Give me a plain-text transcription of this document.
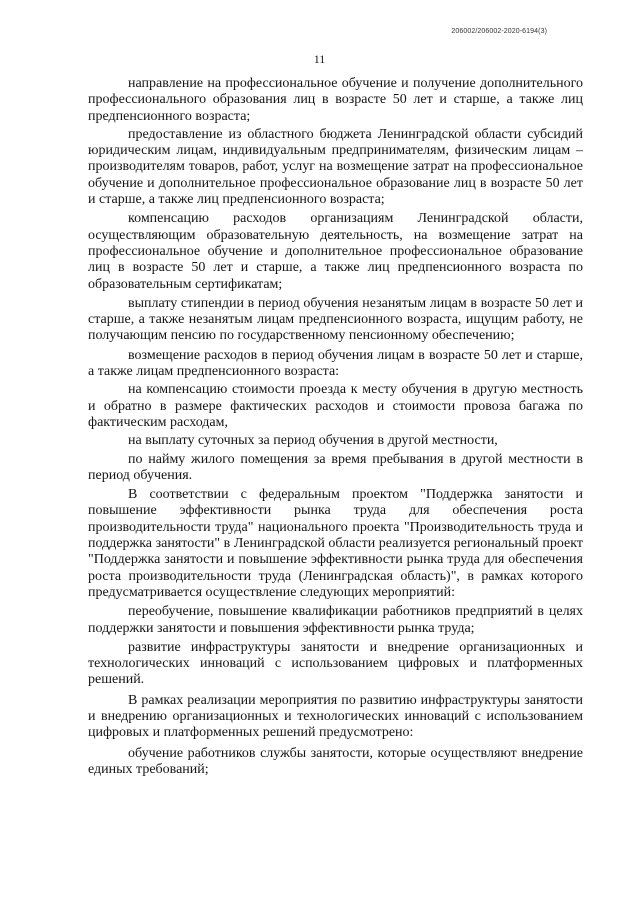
206002/206002-2020-6194(3)
11

направление на профессиональное обучение и получение дополнительного профессионального образования лиц в возрасте 50 лет и старше, а также лиц предпенсионного возраста;

предоставление из областного бюджета Ленинградской области субсидий юридическим лицам, индивидуальным предпринимателям, физическим лицам – производителям товаров, работ, услуг на возмещение затрат на профессиональное обучение и дополнительное профессиональное образование лиц в возрасте 50 лет и старше, а также лиц предпенсионного возраста;

компенсацию расходов организациям Ленинградской области, осуществляющим образовательную деятельность, на возмещение затрат на профессиональное обучение и дополнительное профессиональное образование лиц в возрасте 50 лет и старше, а также лиц предпенсионного возраста по образовательным сертификатам;

выплату стипендии в период обучения незанятым лицам в возрасте 50 лет и старше, а также незанятым лицам предпенсионного возраста, ищущим работу, не получающим пенсию по государственному пенсионному обеспечению;

возмещение расходов в период обучения лицам в возрасте 50 лет и старше, а также лицам предпенсионного возраста:

на компенсацию стоимости проезда к месту обучения в другую местность и обратно в размере фактических расходов и стоимости провоза багажа по фактическим расходам,

на выплату суточных за период обучения в другой местности,

по найму жилого помещения за время пребывания в другой местности в период обучения.

В соответствии с федеральным проектом "Поддержка занятости и повышение эффективности рынка труда для обеспечения роста производительности труда" национального проекта "Производительность труда и поддержка занятости" в Ленинградской области реализуется региональный проект "Поддержка занятости и повышение эффективности рынка труда для обеспечения роста производительности труда (Ленинградская область)", в рамках которого предусматривается осуществление следующих мероприятий:

переобучение, повышение квалификации работников предприятий в целях поддержки занятости и повышения эффективности рынка труда;

развитие инфраструктуры занятости и внедрение организационных и технологических инноваций с использованием цифровых и платформенных решений.

В рамках реализации мероприятия по развитию инфраструктуры занятости и внедрению организационных и технологических инноваций с использованием цифровых и платформенных решений предусмотрено:

обучение работников службы занятости, которые осуществляют внедрение единых требований;
